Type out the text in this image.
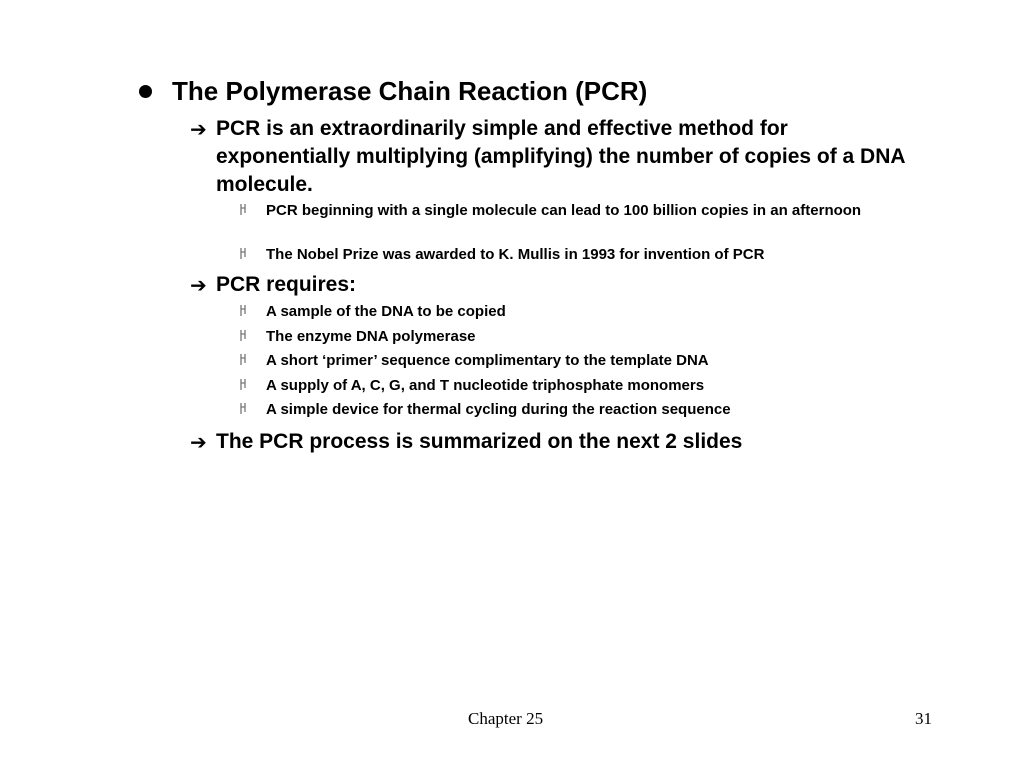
The Polymerase Chain Reaction (PCR)
➔ PCR is an extraordinarily simple and effective method for exponentially multiplying (amplifying) the number of copies of a DNA molecule.
PCR beginning with a single molecule can lead to 100 billion copies in an afternoon
The Nobel Prize was awarded to K. Mullis in 1993 for invention of PCR
➔ PCR requires:
A sample of the DNA to be copied
The enzyme DNA polymerase
A short ‘primer’ sequence complimentary to the template DNA
A supply of A, C, G, and T nucleotide triphosphate monomers
A simple device for thermal cycling during the reaction sequence
➔ The PCR process is summarized on the next 2 slides
Chapter 25	31
